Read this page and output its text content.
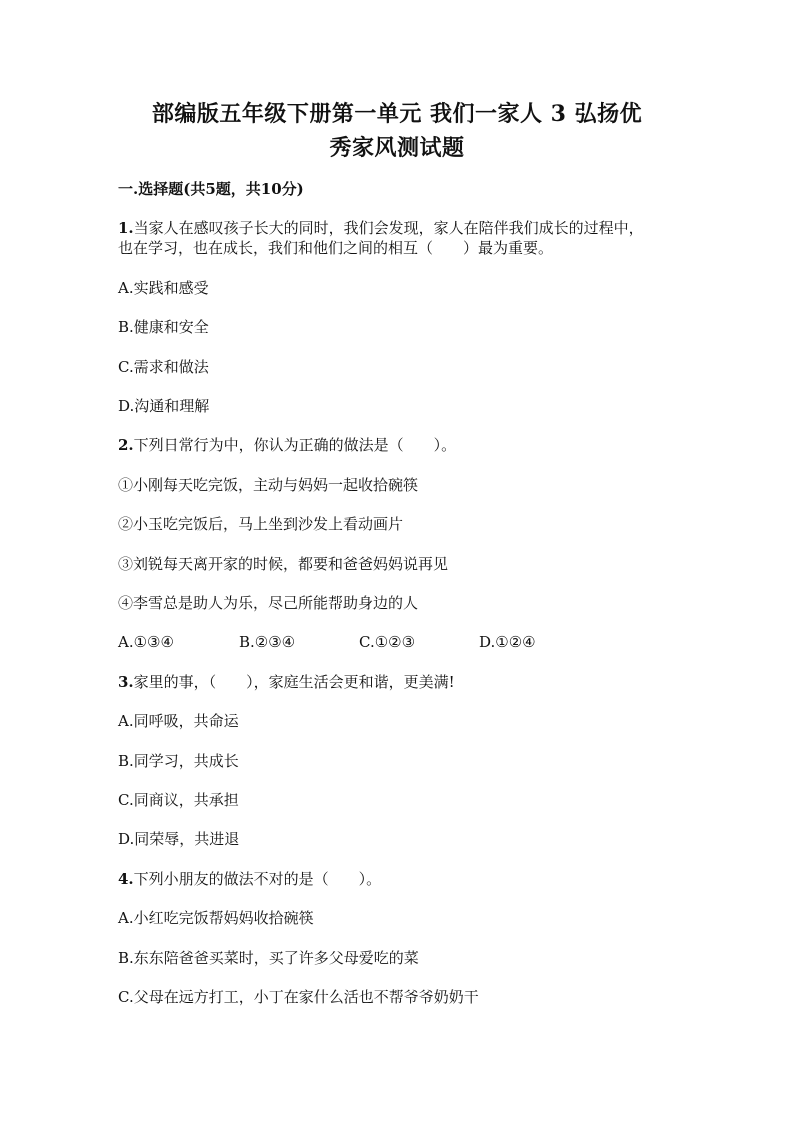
部编版五年级下册第一单元 我们一家人 3 弘扬优
秀家风测试题
一.选择题(共5题，共10分)
1.当家人在感叹孩子长大的同时，我们会发现，家人在陪伴我们成长的过程中，
也在学习，也在成长，我们和他们之间的相互（　　）最为重要。
A.实践和感受
B.健康和安全
C.需求和做法
D.沟通和理解
2.下列日常行为中，你认为正确的做法是（　　）。
①小刚每天吃完饭，主动与妈妈一起收拾碗筷
②小玉吃完饭后，马上坐到沙发上看动画片
③刘锐每天离开家的时候，都要和爸爸妈妈说再见
④李雪总是助人为乐，尽己所能帮助身边的人
A.①③④	B.②③④	C.①②③	D.①②④
3.家里的事，（　　），家庭生活会更和谐，更美满!
A.同呼吸，共命运
B.同学习，共成长
C.同商议，共承担
D.同荣辱，共进退
4.下列小朋友的做法不对的是（　　）。
A.小红吃完饭帮妈妈收拾碗筷
B.东东陪爸爸买菜时，买了许多父母爱吃的菜
C.父母在远方打工，小丁在家什么活也不帮爷爷奶奶干
